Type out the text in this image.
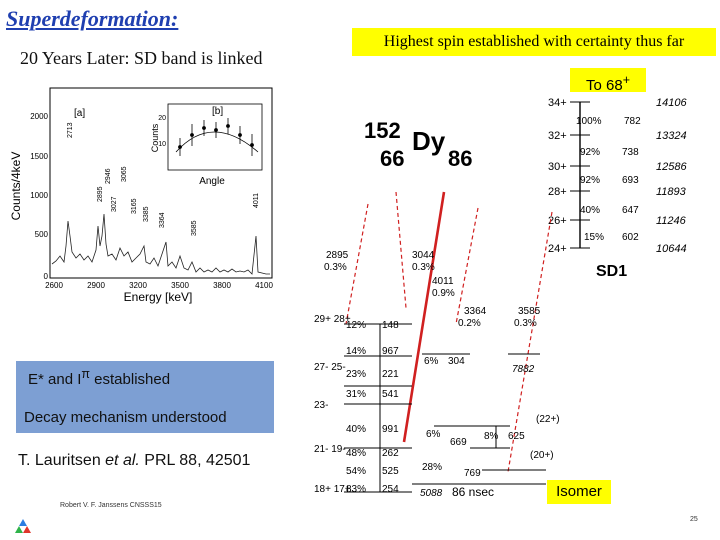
Superdeformation:
20 Years Later: SD band is linked
Highest spin established with certainty thus far
To 68+
Isomer
Counts/4keV
2000
1500
1000
500
0
2600	2900	3200	3500	3800	4100
Energy [keV]
[a]
2713
2895
2946
3027
3065
3165
3385 3364
3585
4011
[b]
Counts
Angle
20
10
E* and $I^\pi$ established
Decay mechanism understood
T. Lauritsen et al. PRL 88, 42501
152
66
Dy
86
34+	14106
32+	13324
30+	12586
28+	11893
26+	11246
24+	10644
100% 782
92% 738
92% 693
40% 647
15% 602
SD1
2895
0.3%
3044
0.3%
4011
0.9%
3364
0.2%
3585
0.3%
29+ 28+
27- 25-
23-
21- 19-
18+ 17+
12% 148
14% 967
23% 221
31% 541
40% 991
48% 262
54% 525
83% 254
6% 304
6%
669
8% 625
28%
769
7882
(22+)
(20+)
5088 86 nsec
Robert V. F. Janssens CNSSS15
25
